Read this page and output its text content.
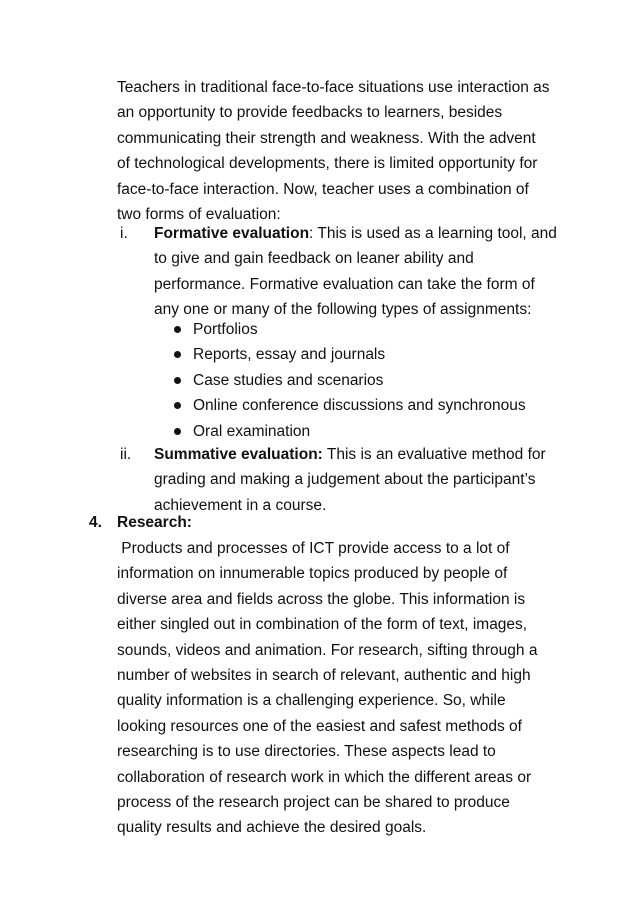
Teachers in traditional face-to-face situations use interaction as
an opportunity to provide feedbacks to learners, besides
communicating their strength and weakness. With the advent
of technological developments, there is limited opportunity for
face-to-face interaction. Now, teacher uses a combination of
two forms of evaluation:

i.	Formative evaluation: This is used as a learning tool, and
to give and gain feedback on leaner ability and
performance. Formative evaluation can take the form of
any one or many of the following types of assignments:
Portfolios
Reports, essay and journals
Case studies and scenarios
Online conference discussions and synchronous
Oral examination
ii.	Summative evaluation: This is an evaluative method for
grading and making a judgement about the participant’s
achievement in a course.
4. Research:

Products and processes of ICT provide access to a lot of
information on innumerable topics produced by people of
diverse area and fields across the globe. This information is
either singled out in combination of the form of text, images,
sounds, videos and animation. For research, sifting through a
number of websites in search of relevant, authentic and high
quality information is a challenging experience. So, while
looking resources one of the easiest and safest methods of
researching is to use directories. These aspects lead to
collaboration of research work in which the different areas or
process of the research project can be shared to produce
quality results and achieve the desired goals.
